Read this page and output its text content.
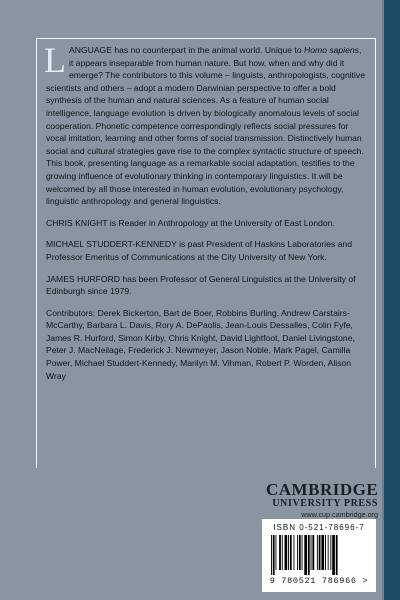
LANGUAGE has no counterpart in the animal world. Unique to Homo sapiens, it appears inseparable from human nature. But how, when and why did it emerge? The contributors to this volume – linguists, anthropologists, cognitive scientists and others – adopt a modern Darwinian perspective to offer a bold synthesis of the human and natural sciences. As a feature of human social intelligence, language evolution is driven by biologically anomalous levels of social cooperation. Phonetic competence correspondingly reflects social pressures for vocal imitation, learning and other forms of social transmission. Distinctively human social and cultural strategies gave rise to the complex syntactic structure of speech. This book, presenting language as a remarkable social adaptation, testifies to the growing influence of evolutionary thinking in contemporary linguistics. It will be welcomed by all those interested in human evolution, evolutionary psychology, linguistic anthropology and general linguistics.

CHRIS KNIGHT is Reader in Anthropology at the University of East London.

MICHAEL STUDDERT-KENNEDY is past President of Haskins Laboratories and Professor Emeritus of Communications at the City University of New York.

JAMES HURFORD has been Professor of General Linguistics at the University of Edinburgh since 1979.

Contributors: Derek Bickerton, Bart de Boer, Robbins Burling, Andrew Carstairs-McCarthy, Barbara L. Davis, Rory A. DePaolis, Jean-Louis Dessalles, Colin Fyfe, James R. Hurford, Simon Kirby, Chris Knight, David Lightfoot, Daniel Livingstone, Peter J. MacNeilage, Frederick J. Newmeyer, Jason Noble, Mark Pagel, Camilla Power, Michael Studdert-Kennedy, Marilyn M. Vihman, Robert P. Worden, Alison Wray

CAMBRIDGE
UNIVERSITY PRESS
www.cup.cambridge.org
ISBN 0-521-78696-7
9 780521 786966 >
